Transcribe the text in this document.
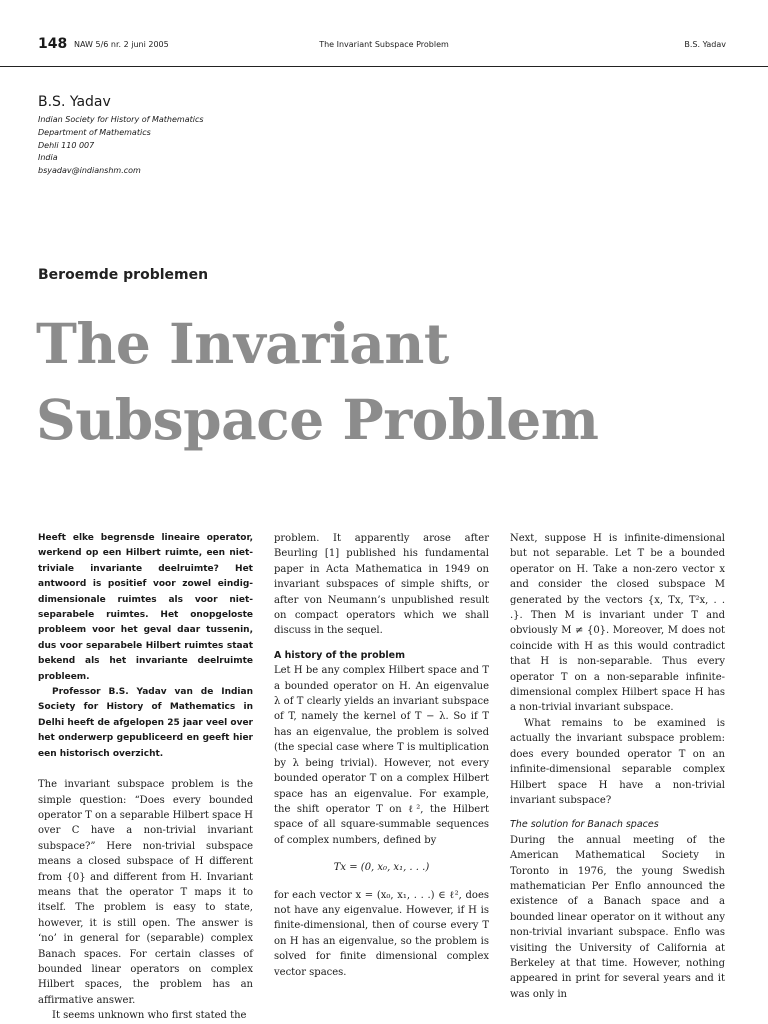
148 NAW 5/6 nr. 2 juni 2005	The Invariant Subspace Problem	B.S. Yadav
B.S. Yadav
Indian Society for History of Mathematics
Department of Mathematics
Dehli 110 007
India
bsyadav@indianshm.com
Beroemde problemen
The Invariant
Subspace Problem

Heeft elke begrensde lineaire operator, werkend op een Hilbert ruimte, een niet-triviale invariante deelruimte? Het antwoord is positief voor zowel eindig-dimensionale ruimtes als voor niet-separabele ruimtes. Het onopgeloste probleem voor het geval daar tussenin, dus voor separabele Hilbert ruimtes staat bekend als het invariante deelruimte probleem.

Professor B.S. Yadav van de Indian Society for History of Mathematics in Delhi heeft de afgelopen 25 jaar veel over het onderwerp gepubliceerd en geeft hier een historisch overzicht.

The invariant subspace problem is the simple question: “Does every bounded operator T on a separable Hilbert space H over C have a non-trivial invariant subspace?” Here non-trivial subspace means a closed subspace of H different from {0} and different from H. Invariant means that the operator T maps it to itself. The problem is easy to state, however, it is still open. The answer is ‘no’ in general for (separable) complex Banach spaces. For certain classes of bounded linear operators on complex Hilbert spaces, the problem has an affirmative answer.

It seems unknown who first stated the

problem. It apparently arose after Beurling [1] published his fundamental paper in Acta Mathematica in 1949 on invariant subspaces of simple shifts, or after von Neumann’s unpublished result on compact operators which we shall discuss in the sequel.

A history of the problem

Let H be any complex Hilbert space and T a bounded operator on H. An eigenvalue λ of T clearly yields an invariant subspace of T, namely the kernel of T − λ. So if T has an eigenvalue, the problem is solved (the special case where T is multiplication by λ being trivial). However, not every bounded operator T on a complex Hilbert space has an eigenvalue. For example, the shift operator T on ℓ², the Hilbert space of all square-summable sequences of complex numbers, defined by

Tx = (0, x₀, x₁, . . .)

for each vector x = (x₀, x₁, . . .) ∈ ℓ², does not have any eigenvalue. However, if H is finite-dimensional, then of course every T on H has an eigenvalue, so the problem is solved for finite dimensional complex vector spaces.

Next, suppose H is infinite-dimensional but not separable. Let T be a bounded operator on H. Take a non-zero vector x and consider the closed subspace M generated by the vectors {x, Tx, T²x, . . .}. Then M is invariant under T and obviously M ≠ {0}. Moreover, M does not coincide with H as this would contradict that H is non-separable. Thus every operator T on a non-separable infinite-dimensional complex Hilbert space H has a non-trivial invariant subspace.

What remains to be examined is actually the invariant subspace problem: does every bounded operator T on an infinite-dimensional separable complex Hilbert space H have a non-trivial invariant subspace?

The solution for Banach spaces

During the annual meeting of the American Mathematical Society in Toronto in 1976, the young Swedish mathematician Per Enflo announced the existence of a Banach space and a bounded linear operator on it without any non-trivial invariant subspace. Enflo was visiting the University of California at Berkeley at that time. However, nothing appeared in print for several years and it was only in
